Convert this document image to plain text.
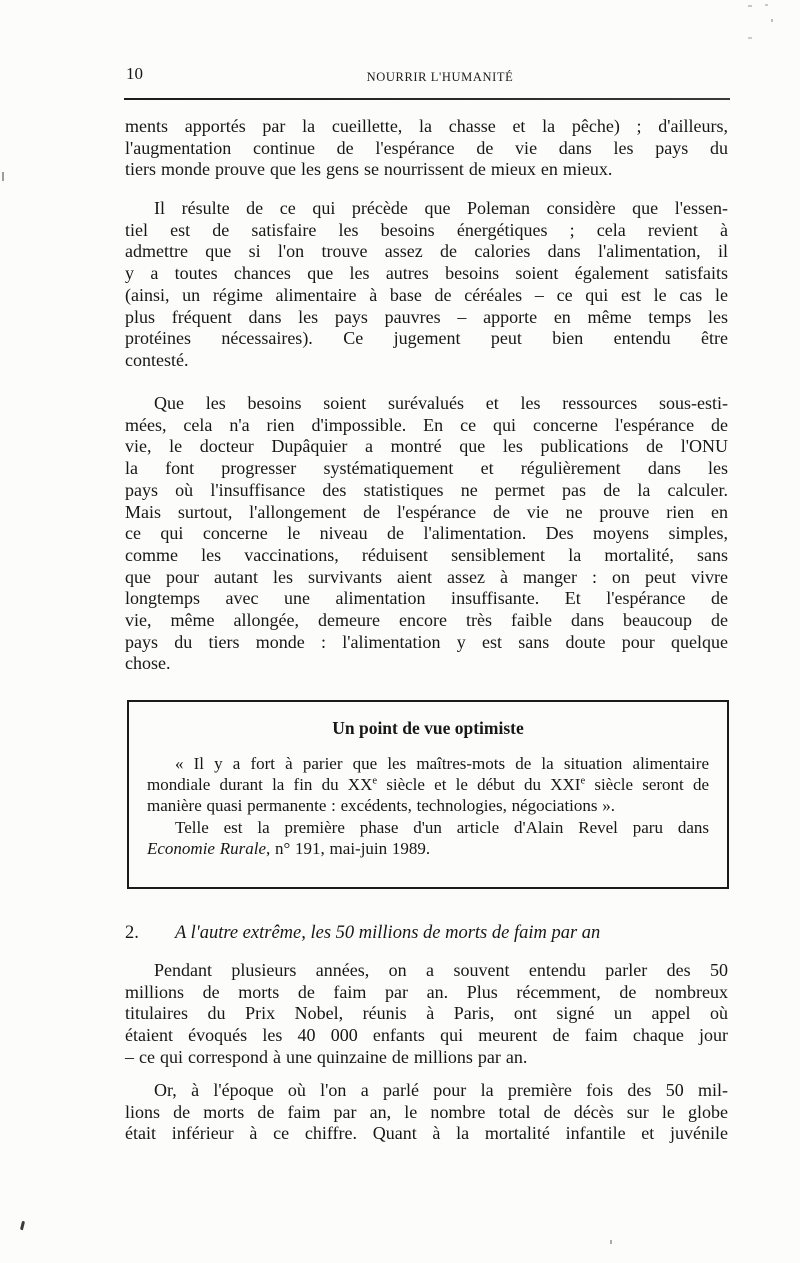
10	NOURRIR L'HUMANITÉ
ments apportés par la cueillette, la chasse et la pêche) ; d'ailleurs,
l'augmentation continue de l'espérance de vie dans les pays du
tiers monde prouve que les gens se nourrissent de mieux en mieux.
Il résulte de ce qui précède que Poleman considère que l'essen-
tiel est de satisfaire les besoins énergétiques ; cela revient à
admettre que si l'on trouve assez de calories dans l'alimentation, il
y a toutes chances que les autres besoins soient également satisfaits
(ainsi, un régime alimentaire à base de céréales – ce qui est le cas le
plus fréquent dans les pays pauvres – apporte en même temps les
protéines nécessaires). Ce jugement peut bien entendu être
contesté.
Que les besoins soient surévalués et les ressources sous-esti-
mées, cela n'a rien d'impossible. En ce qui concerne l'espérance de
vie, le docteur Dupâquier a montré que les publications de l'ONU
la font progresser systématiquement et régulièrement dans les
pays où l'insuffisance des statistiques ne permet pas de la calculer.
Mais surtout, l'allongement de l'espérance de vie ne prouve rien en
ce qui concerne le niveau de l'alimentation. Des moyens simples,
comme les vaccinations, réduisent sensiblement la mortalité, sans
que pour autant les survivants aient assez à manger : on peut vivre
longtemps avec une alimentation insuffisante. Et l'espérance de
vie, même allongée, demeure encore très faible dans beaucoup de
pays du tiers monde : l'alimentation y est sans doute pour quelque
chose.
Un point de vue optimiste
« Il y a fort à parier que les maîtres-mots de la situation alimentaire
mondiale durant la fin du XXe siècle et le début du XXIe siècle seront de
manière quasi permanente : excédents, technologies, négociations ».
Telle est la première phase d'un article d'Alain Revel paru dans
Economie Rurale, n° 191, mai-juin 1989.
2. A l'autre extrême, les 50 millions de morts de faim par an
Pendant plusieurs années, on a souvent entendu parler des 50
millions de morts de faim par an. Plus récemment, de nombreux
titulaires du Prix Nobel, réunis à Paris, ont signé un appel où
étaient évoqués les 40 000 enfants qui meurent de faim chaque jour
– ce qui correspond à une quinzaine de millions par an.
Or, à l'époque où l'on a parlé pour la première fois des 50 mil-
lions de morts de faim par an, le nombre total de décès sur le globe
était inférieur à ce chiffre. Quant à la mortalité infantile et juvénile
